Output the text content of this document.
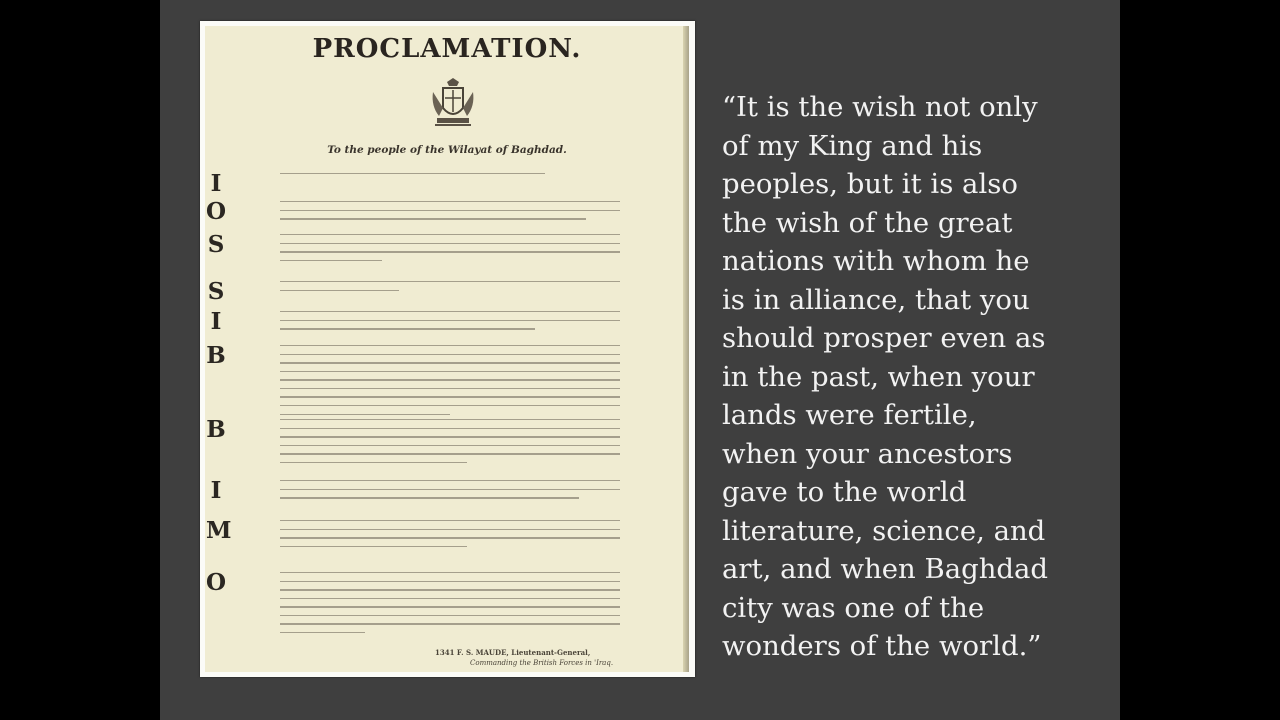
PROCLAMATION.
To the people of the Wilayat of Baghdad.
I
O
S
S
I
B
B
I
M
O
1341 F. S. MAUDE, Lieutenant-General,
Commanding the British Forces in 'Iraq.

“It is the wish not only
of my King and his
peoples, but it is also
the wish of the great
nations with whom he
is in alliance, that you
should prosper even as
in the past, when your
lands were fertile,
when your ancestors
gave to the world
literature, science, and
art, and when Baghdad
city was one of the
wonders of the world.”
